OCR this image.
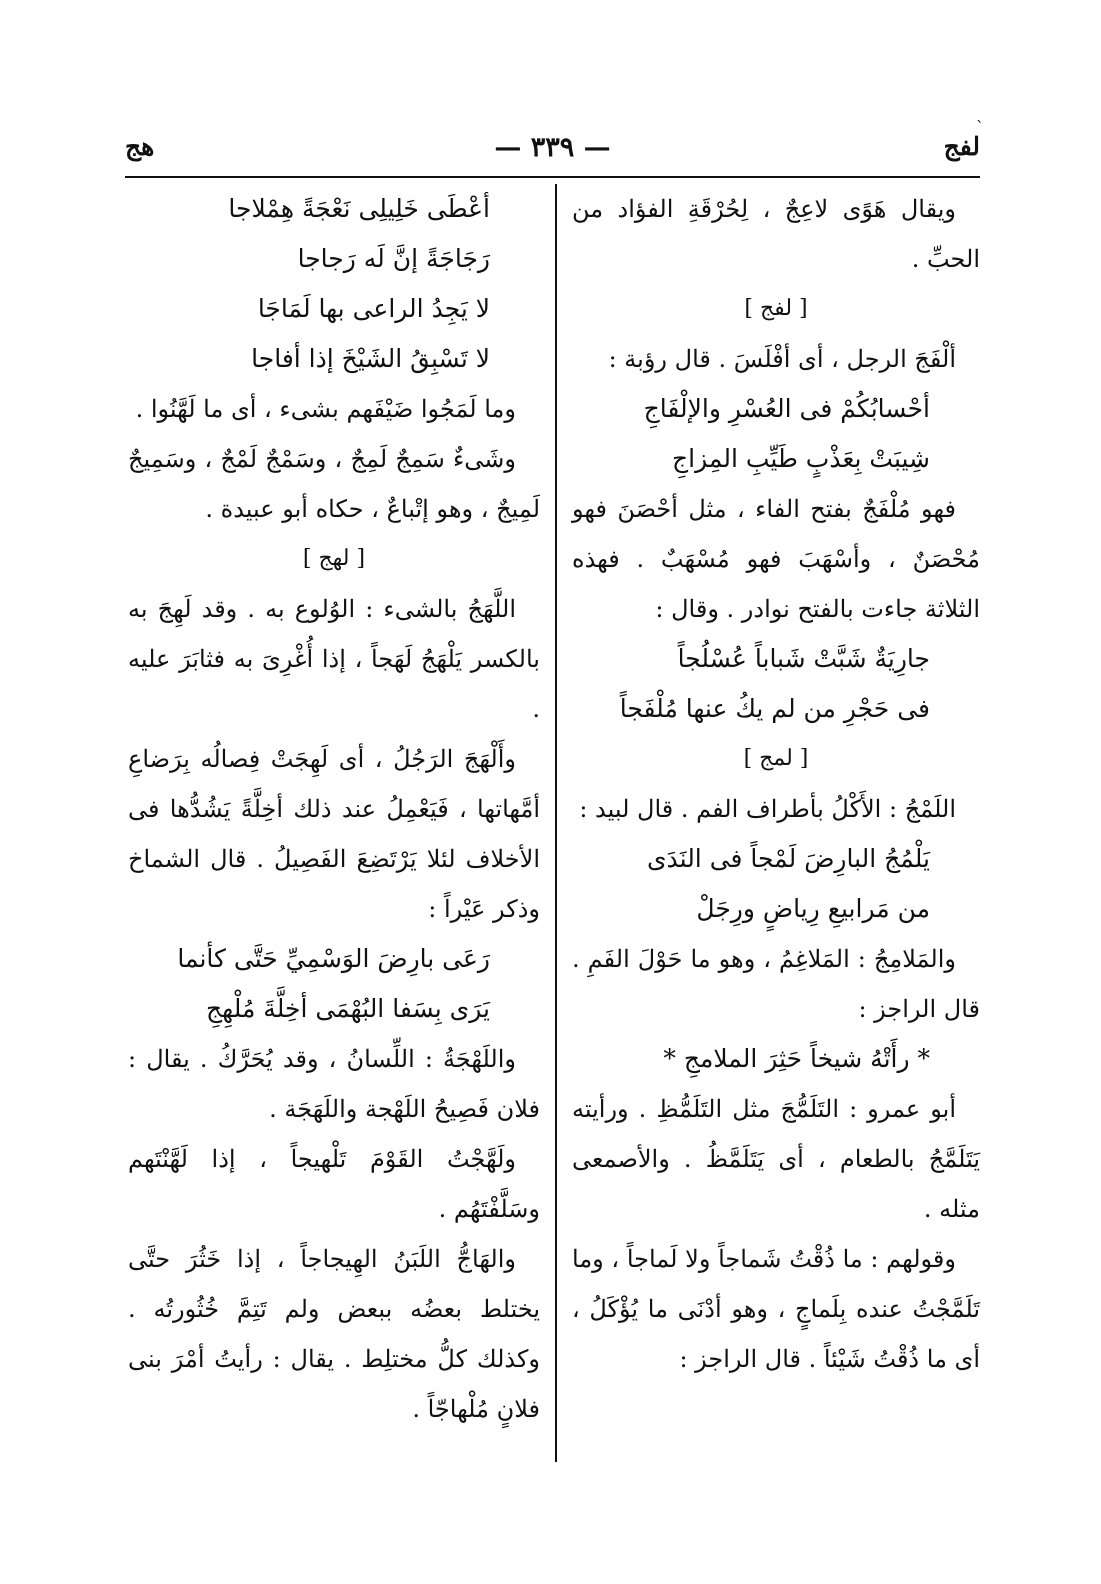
`
لفج
— ٣٣٩ —
هج

ويقال هَوًى لاعِجٌ ، لِحُرْقَةِ الفؤاد من الحبِّ .

[ لفج ]

ألْفَجَ الرجل ، أى أفْلَسَ . قال رؤبة :

أحْسابُكُمْ فى العُسْرِ والإلْفَاجِ

شِيبَتْ بِعَذْبٍ طَيِّبِ المِزاجِ

فهو مُلْفَجٌ بفتح الفاء ، مثل أحْصَنَ فهو مُحْصَنٌ ، وأسْهَبَ فهو مُسْهَبٌ . فهذه الثلاثة جاءت بالفتح نوادر . وقال :

جارِيَةٌ شَبَّتْ شَباباً عُسْلُجاً

فى حَجْرِ من لم يكُ عنها مُلْفَجاً

[ لمج ]

اللَمْجُ : الأَكْلُ بأطراف الفم . قال لبيد :

يَلْمُجُ البارِضَ لَمْجاً فى النَدَى

من مَرابيعِ رِياضٍ ورِجَلْ

والمَلامِجُ : المَلاغِمُ ، وهو ما حَوْلَ الفَمِ . قال الراجز :

* رأَتْهُ شيخاً حَثِرَ الملامجِ *

أبو عمرو : التَلَمُّجَ مثل التَلَمُّظِ . ورأيته يَتَلَمَّجُ بالطعام ، أى يَتَلَمَّظُ . والأصمعى مثله .

وقولهم : ما ذُقْتُ شَماجاً ولا لَماجاً ، وما تَلَمَّجْتُ عنده بِلَماجٍ ، وهو أدْنَى ما يُؤْكَلُ ، أى ما ذُقْتُ شَيْئاً . قال الراجز :

أعْطَى خَلِيلِى نَعْجَةً هِمْلاجا

رَجَاجَةً إنَّ لَه رَجاجا

لا يَجِدُ الراعى بها لَمَاجَا

لا تَسْبِقُ الشَيْخَ إذا أفاجا

وما لَمَجُوا ضَيْفَهم بشىء ، أى ما لَهَّنُوا .

وشَىءٌ سَمِجٌ لَمِجٌ ، وسَمْجٌ لَمْجٌ ، وسَمِيجٌ لَمِيجٌ ، وهو إتْباعٌ ، حكاه أبو عبيدة .

[ لهج ]

اللَّهَجُ بالشىء : الوُلوع به . وقد لَهِجَ به بالكسر يَلْهَجُ لَهَجاً ، إذا أُغْرِىَ به فثابَرَ عليه .

وأَلْهَجَ الرَجُلُ ، أى لَهِجَتْ فِصالُه بِرَضاعِ أمَّهاتها ، فَيَعْمِلُ عند ذلك أخِلَّةً يَشُدُّها فى الأخلاف لئلا يَرْتَضِعَ الفَصِيلُ . قال الشماخ وذكر عَيْراً :

رَعَى بارِضَ الوَسْمِيِّ حَتَّى كأنما

يَرَى بِسَفا البُهْمَى أخِلَّةَ مُلْهِجِ

واللَهْجَةُ : اللِّسانُ ، وقد يُحَرَّكُ . يقال : فلان فَصِيحُ اللَهْجة واللَهَجَة .

ولَهَّجْتُ القَوْمَ تَلْهيجاً ، إذا لَهَّنْتَهم وسَلَّفْتَهُم .

والهَاجُّ اللَبَنُ الهِيجاجاً ، إذا خَثُرَ حتَّى يختلط بعضُه ببعض ولم تَتِمَّ خُثُورتُه . وكذلك كلُّ مختلِط . يقال : رأيتُ أمْرَ بنى فلانٍ مُلْهاجّاً .
